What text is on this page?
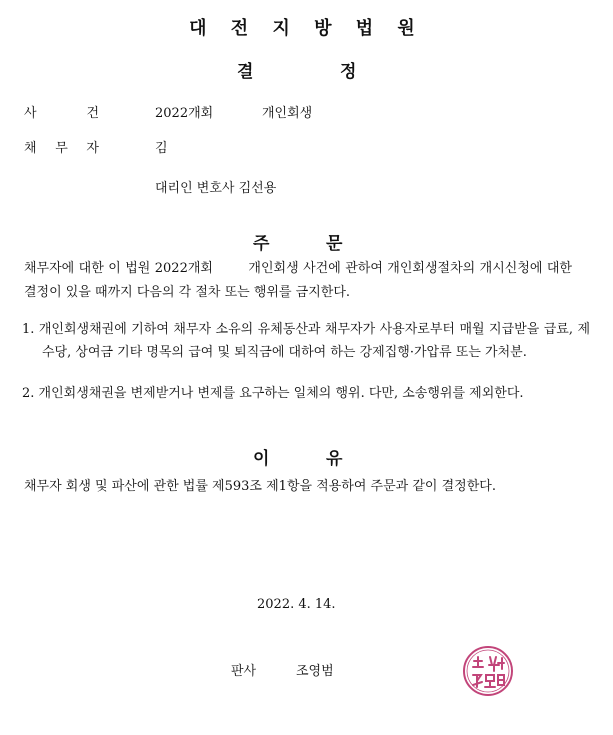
대 전 지 방 법 원
결	정
사 건	2022개회	개인회생
채 무 자	김
대리인 변호사 김선용
주	문
채무자에 대한 이 법원 2022개회        개인회생 사건에 관하여 개인회생절차의 개시신청에 대한 결정이 있을 때까지 다음의 각 절차 또는 행위를 금지한다.
1. 개인회생채권에 기하여 채무자 소유의 유체동산과 채무자가 사용자로부터 매월 지급받을 급료, 제수당, 상여금 기타 명목의 급여 및 퇴직금에 대하여 하는 강제집행·가압류 또는 가처분.
2. 개인회생채권을 변제받거나 변제를 요구하는 일체의 행위. 다만, 소송행위를 제외한다.
이	유
채무자 회생 및 파산에 관한 법률 제593조 제1항을 적용하여 주문과 같이 결정한다.
2022. 4. 14.
판사	조영범
